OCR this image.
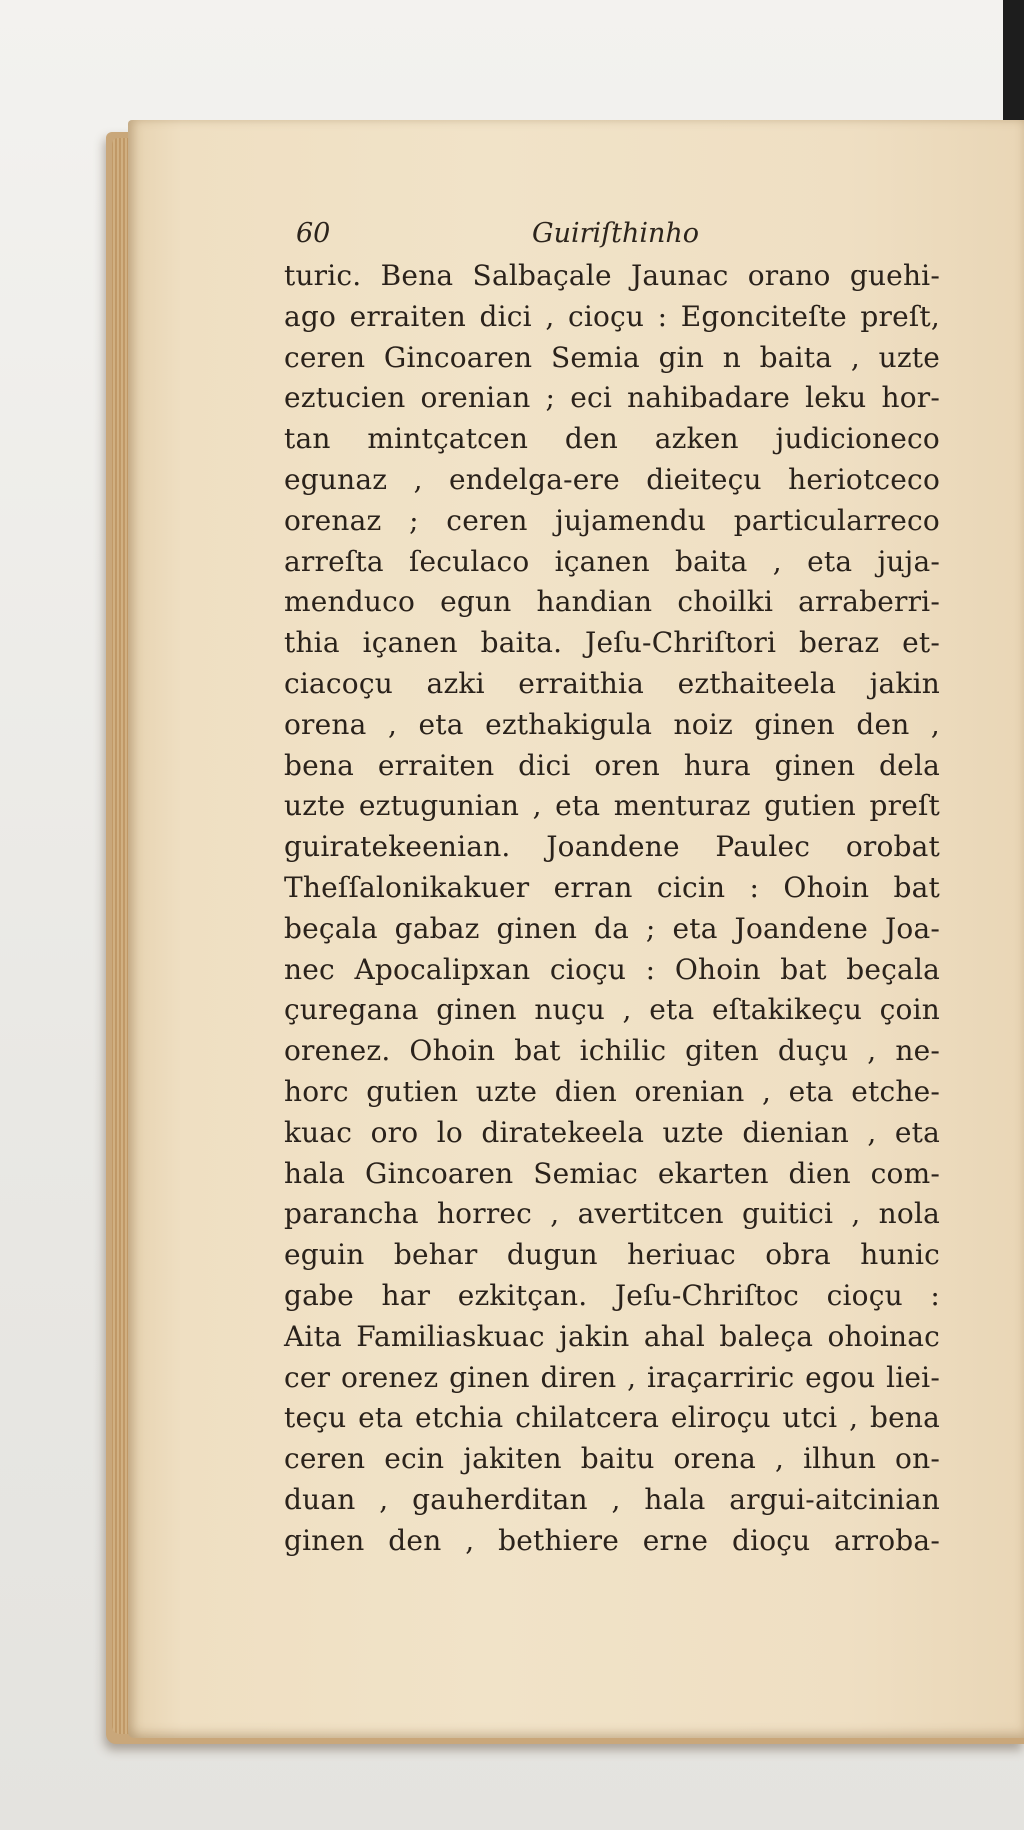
60	Guiriſthinho
turic. Bena Salbaçale Jaunac orano guehi-
ago erraiten dici , cioçu : Egonciteſte preſt,
ceren Gincoaren Semia gin n baita , uzte
eztucien orenian ; eci nahibadare leku hor-
tan mintçatcen den azken judicioneco
egunaz , endelga-ere dieiteçu heriotceco
orenaz ; ceren jujamendu particularreco
arreſta ſeculaco içanen baita , eta juja-
menduco egun handian choilki arraberri-
thia içanen baita. Jeſu-Chriſtori beraz et-
ciacoçu azki erraithia ezthaiteela jakin
orena , eta ezthakigula noiz ginen den ,
bena erraiten dici oren hura ginen dela
uzte eztugunian , eta menturaz gutien preſt
guiratekeenian. Joandene Paulec orobat
Theſſalonikakuer erran cicin : Ohoin bat
beçala gabaz ginen da ; eta Joandene Joa-
nec Apocalipxan cioçu : Ohoin bat beçala
çuregana ginen nuçu , eta eſtakikeçu çoin
orenez. Ohoin bat ichilic giten duçu , ne-
horc gutien uzte dien orenian , eta etche-
kuac oro lo diratekeela uzte dienian , eta
hala Gincoaren Semiac ekarten dien com-
parancha horrec , avertitcen guitici , nola
eguin behar dugun heriuac obra hunic
gabe har ezkitçan. Jeſu-Chriſtoc cioçu :
Aita Familiaskuac jakin ahal baleça ohoinac
cer orenez ginen diren , iraçarriric egou liei-
teçu eta etchia chilatcera eliroçu utci , bena
ceren ecin jakiten baitu orena , ilhun on-
duan , gauherditan , hala argui-aitcinian
ginen den , bethiere erne dioçu arroba-
